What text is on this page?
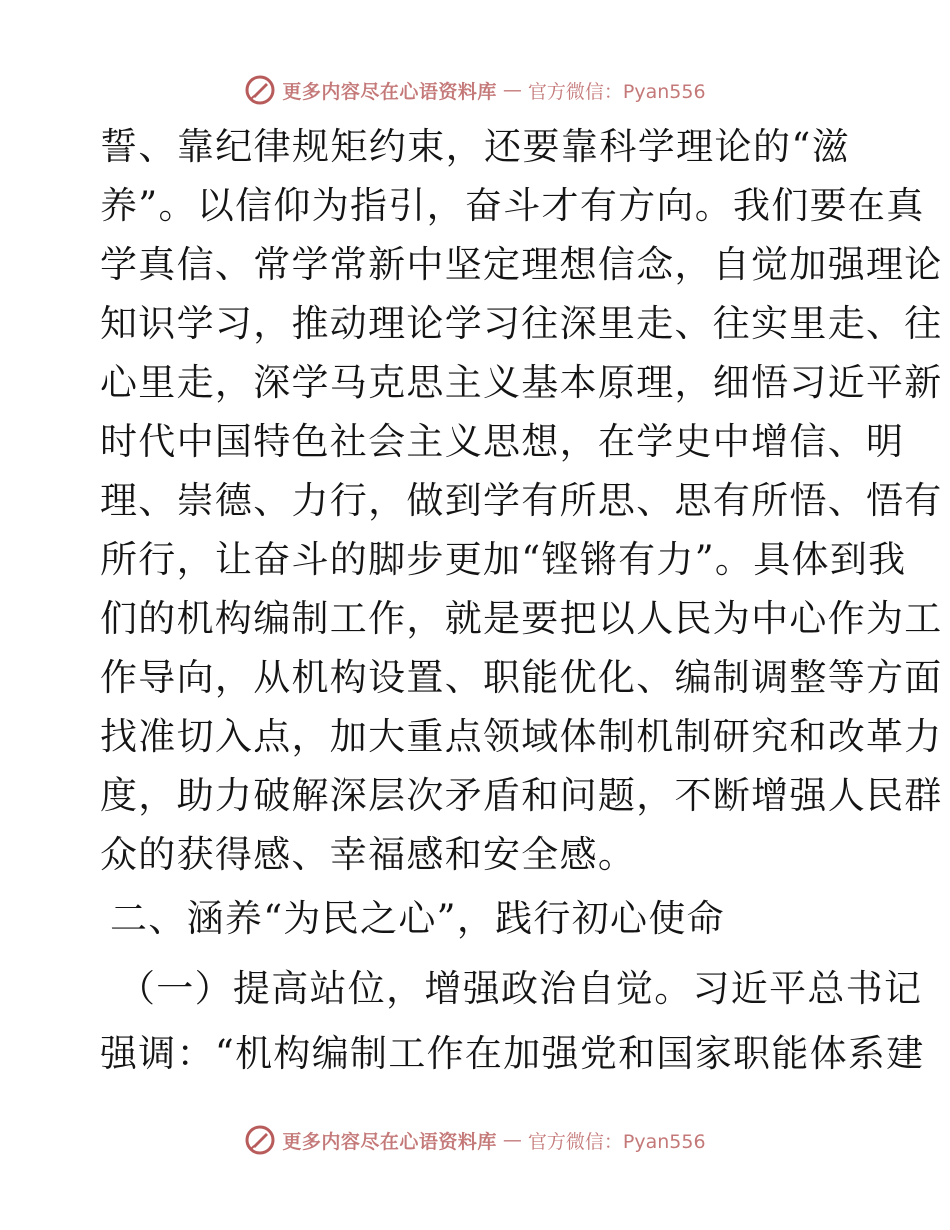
更多内容尽在心语资料库 — 官方微信：Pyan556
誓、靠纪律规矩约束，还要靠科学理论的“滋
养”。以信仰为指引，奋斗才有方向。我们要在真
学真信、常学常新中坚定理想信念，自觉加强理论
知识学习，推动理论学习往深里走、往实里走、往
心里走，深学马克思主义基本原理，细悟习近平新
时代中国特色社会主义思想，在学史中增信、明
理、崇德、力行，做到学有所思、思有所悟、悟有
所行，让奋斗的脚步更加“铿锵有力”。具体到我
们的机构编制工作，就是要把以人民为中心作为工
作导向，从机构设置、职能优化、编制调整等方面
找准切入点，加大重点领域体制机制研究和改革力
度，助力破解深层次矛盾和问题，不断增强人民群
众的获得感、幸福感和安全感。
二、涵养“为民之心”，践行初心使命
（一）提高站位，增强政治自觉。习近平总书记
强调：“机构编制工作在加强党和国家职能体系建
更多内容尽在心语资料库 — 官方微信：Pyan556
